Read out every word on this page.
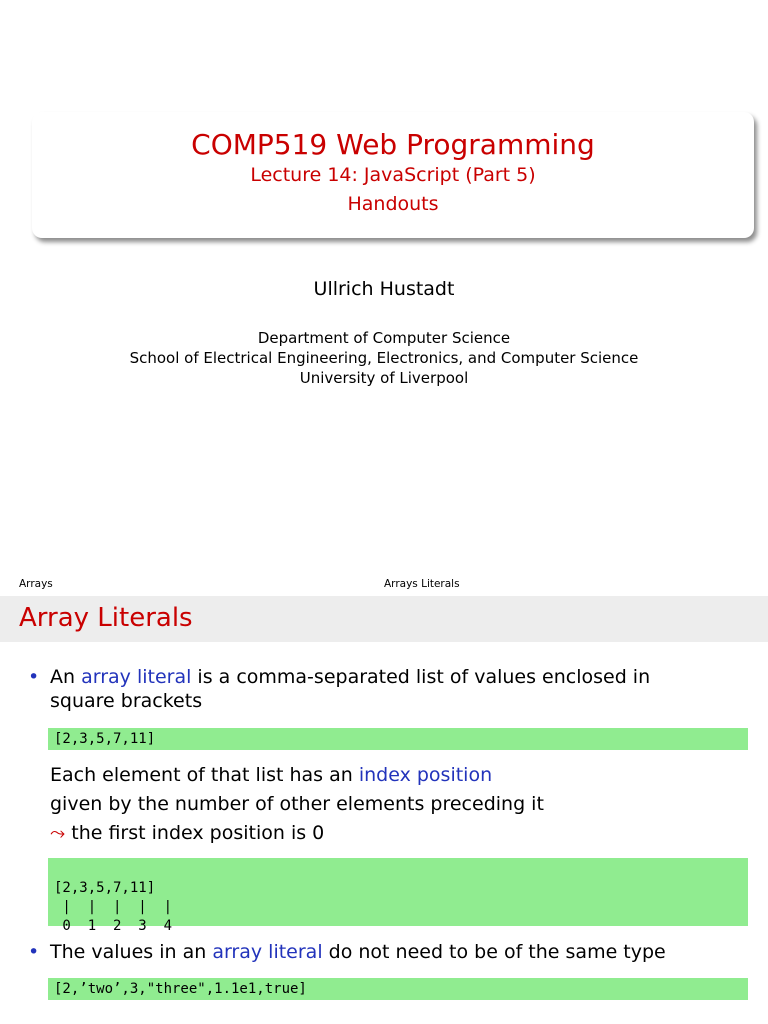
COMP519 Web Programming
Lecture 14: JavaScript (Part 5)
Handouts
Ullrich Hustadt
Department of Computer Science
School of Electrical Engineering, Electronics, and Computer Science
University of Liverpool
Arrays	Arrays Literals
Array Literals
• An array literal is a comma-separated list of values enclosed in
square brackets
[2,3,5,7,11]
Each element of that list has an index position
given by the number of other elements preceding it
⤳ the first index position is 0

[2,3,5,7,11]
|  |  |  |  |
0  1  2  3  4

• The values in an array literal do not need to be of the same type
[2,’two’,3,"three",1.1e1,true]
